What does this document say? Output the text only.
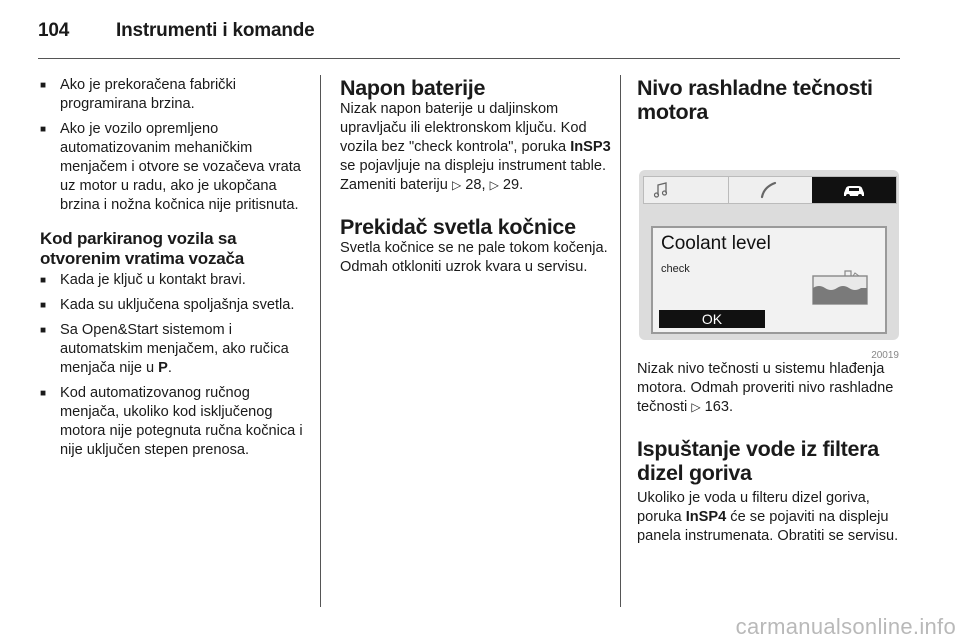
104 Instrumenti i komande
■ Ako je prekoračena fabrički programirana brzina.
■ Ako je vozilo opremljeno automatizovanim mehaničkim menjačem i otvore se vozačeva vrata uz motor u radu, ako je ukopčana brzina i nožna kočnica nije pritisnuta.
Kod parkiranog vozila sa otvorenim vratima vozača
■ Kada je ključ u kontakt bravi.
■ Kada su uključena spoljašnja svetla.
■ Sa Open&Start sistemom i automatskim menjačem, ako ručica menjača nije u P.
■ Kod automatizovanog ručnog menjača, ukoliko kod isključenog motora nije potegnuta ručna kočnica i nije uključen stepen prenosa.
Napon baterije

Nizak napon baterije u daljinskom upravljaču ili elektronskom ključu. Kod vozila bez "check kontrola", poruka InSP3 se pojavljuje na displeju instrument table. Zameniti bateriju ▷ 28, ▷ 29.

Prekidač svetla kočnice

Svetla kočnice se ne pale tokom kočenja. Odmah otkloniti uzrok kvara u servisu.

Nivo rashladne tečnosti motora
Coolant level
check
OK
20019

Nizak nivo tečnosti u sistemu hlađenja motora. Odmah proveriti nivo rashladne tečnosti ▷ 163.

Ispuštanje vode iz filtera dizel goriva

Ukoliko je voda u filteru dizel goriva, poruka InSP4 će se pojaviti na displeju panela instrumenata. Obratiti se servisu.

carmanualsonline.info
